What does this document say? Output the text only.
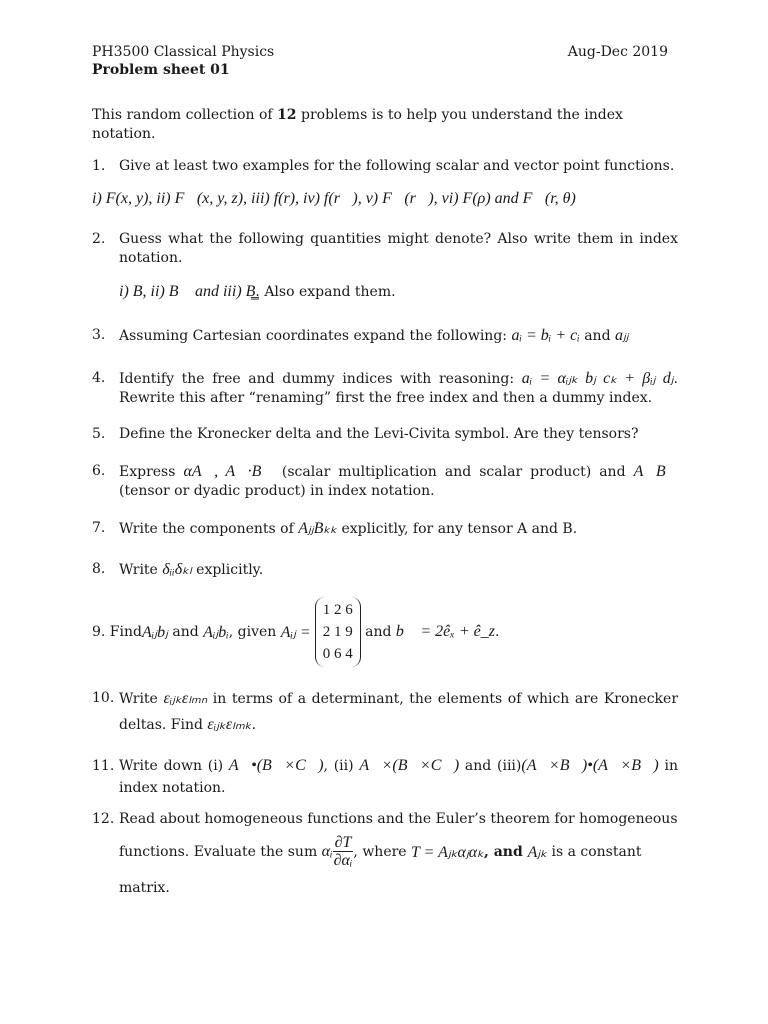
PH3500 Classical Physics	Aug-Dec 2019
Problem sheet 01
This random collection of 12 problems is to help you understand the index notation.
1. Give at least two examples for the following scalar and vector point functions.
i) F(x, y), ii) F⃗(x, y, z), iii) f(r), iv) f(r⃗), v) F⃗(r⃗), vi) F(ρ) and F⃗(r, θ)
2. Guess what the following quantities might denote? Also write them in index notation.
i) B, ii) B⃗ and iii) B̳. Also expand them.
3. Assuming Cartesian coordinates expand the following: aᵢ = bᵢ + cᵢ and aⱼⱼ
4. Identify the free and dummy indices with reasoning: aᵢ = αᵢⱼₖ bⱼ cₖ + βᵢⱼ dⱼ. Rewrite this after “renaming” first the free index and then a dummy index.
5. Define the Kronecker delta and the Levi-Civita symbol. Are they tensors?
6. Express αA⃗, A⃗·B⃗ (scalar multiplication and scalar product) and A⃗B⃗ (tensor or dyadic product) in index notation.
7. Write the components of AⱼⱼBₖₖ explicitly, for any tensor A and B.
8. Write δᵢᵢδₖₗ explicitly.
9. Find Aᵢⱼbⱼ and Aᵢⱼbᵢ , given Aᵢⱼ =
1 2 6
2 1 9
0 6 4
and b⃗ = 2êₓ + ê_z .
10. Write εᵢⱼₖεₗₘₙ in terms of a determinant, the elements of which are Kronecker deltas. Find εᵢⱼₖεₗₘₖ.
11. Write down (i) A⃗•(B⃗×C⃗), (ii) A⃗×(B⃗×C⃗) and (iii)(A⃗×B⃗)•(A⃗×B⃗) in index notation.
12. Read about homogeneous functions and the Euler’s theorem for homogeneous
functions. Evaluate the sum αᵢ $\frac{\partial T}{\text{∂αᵢ}}$ , where T = Aⱼₖαⱼαₖ , and Aⱼₖ is a constant
matrix.
